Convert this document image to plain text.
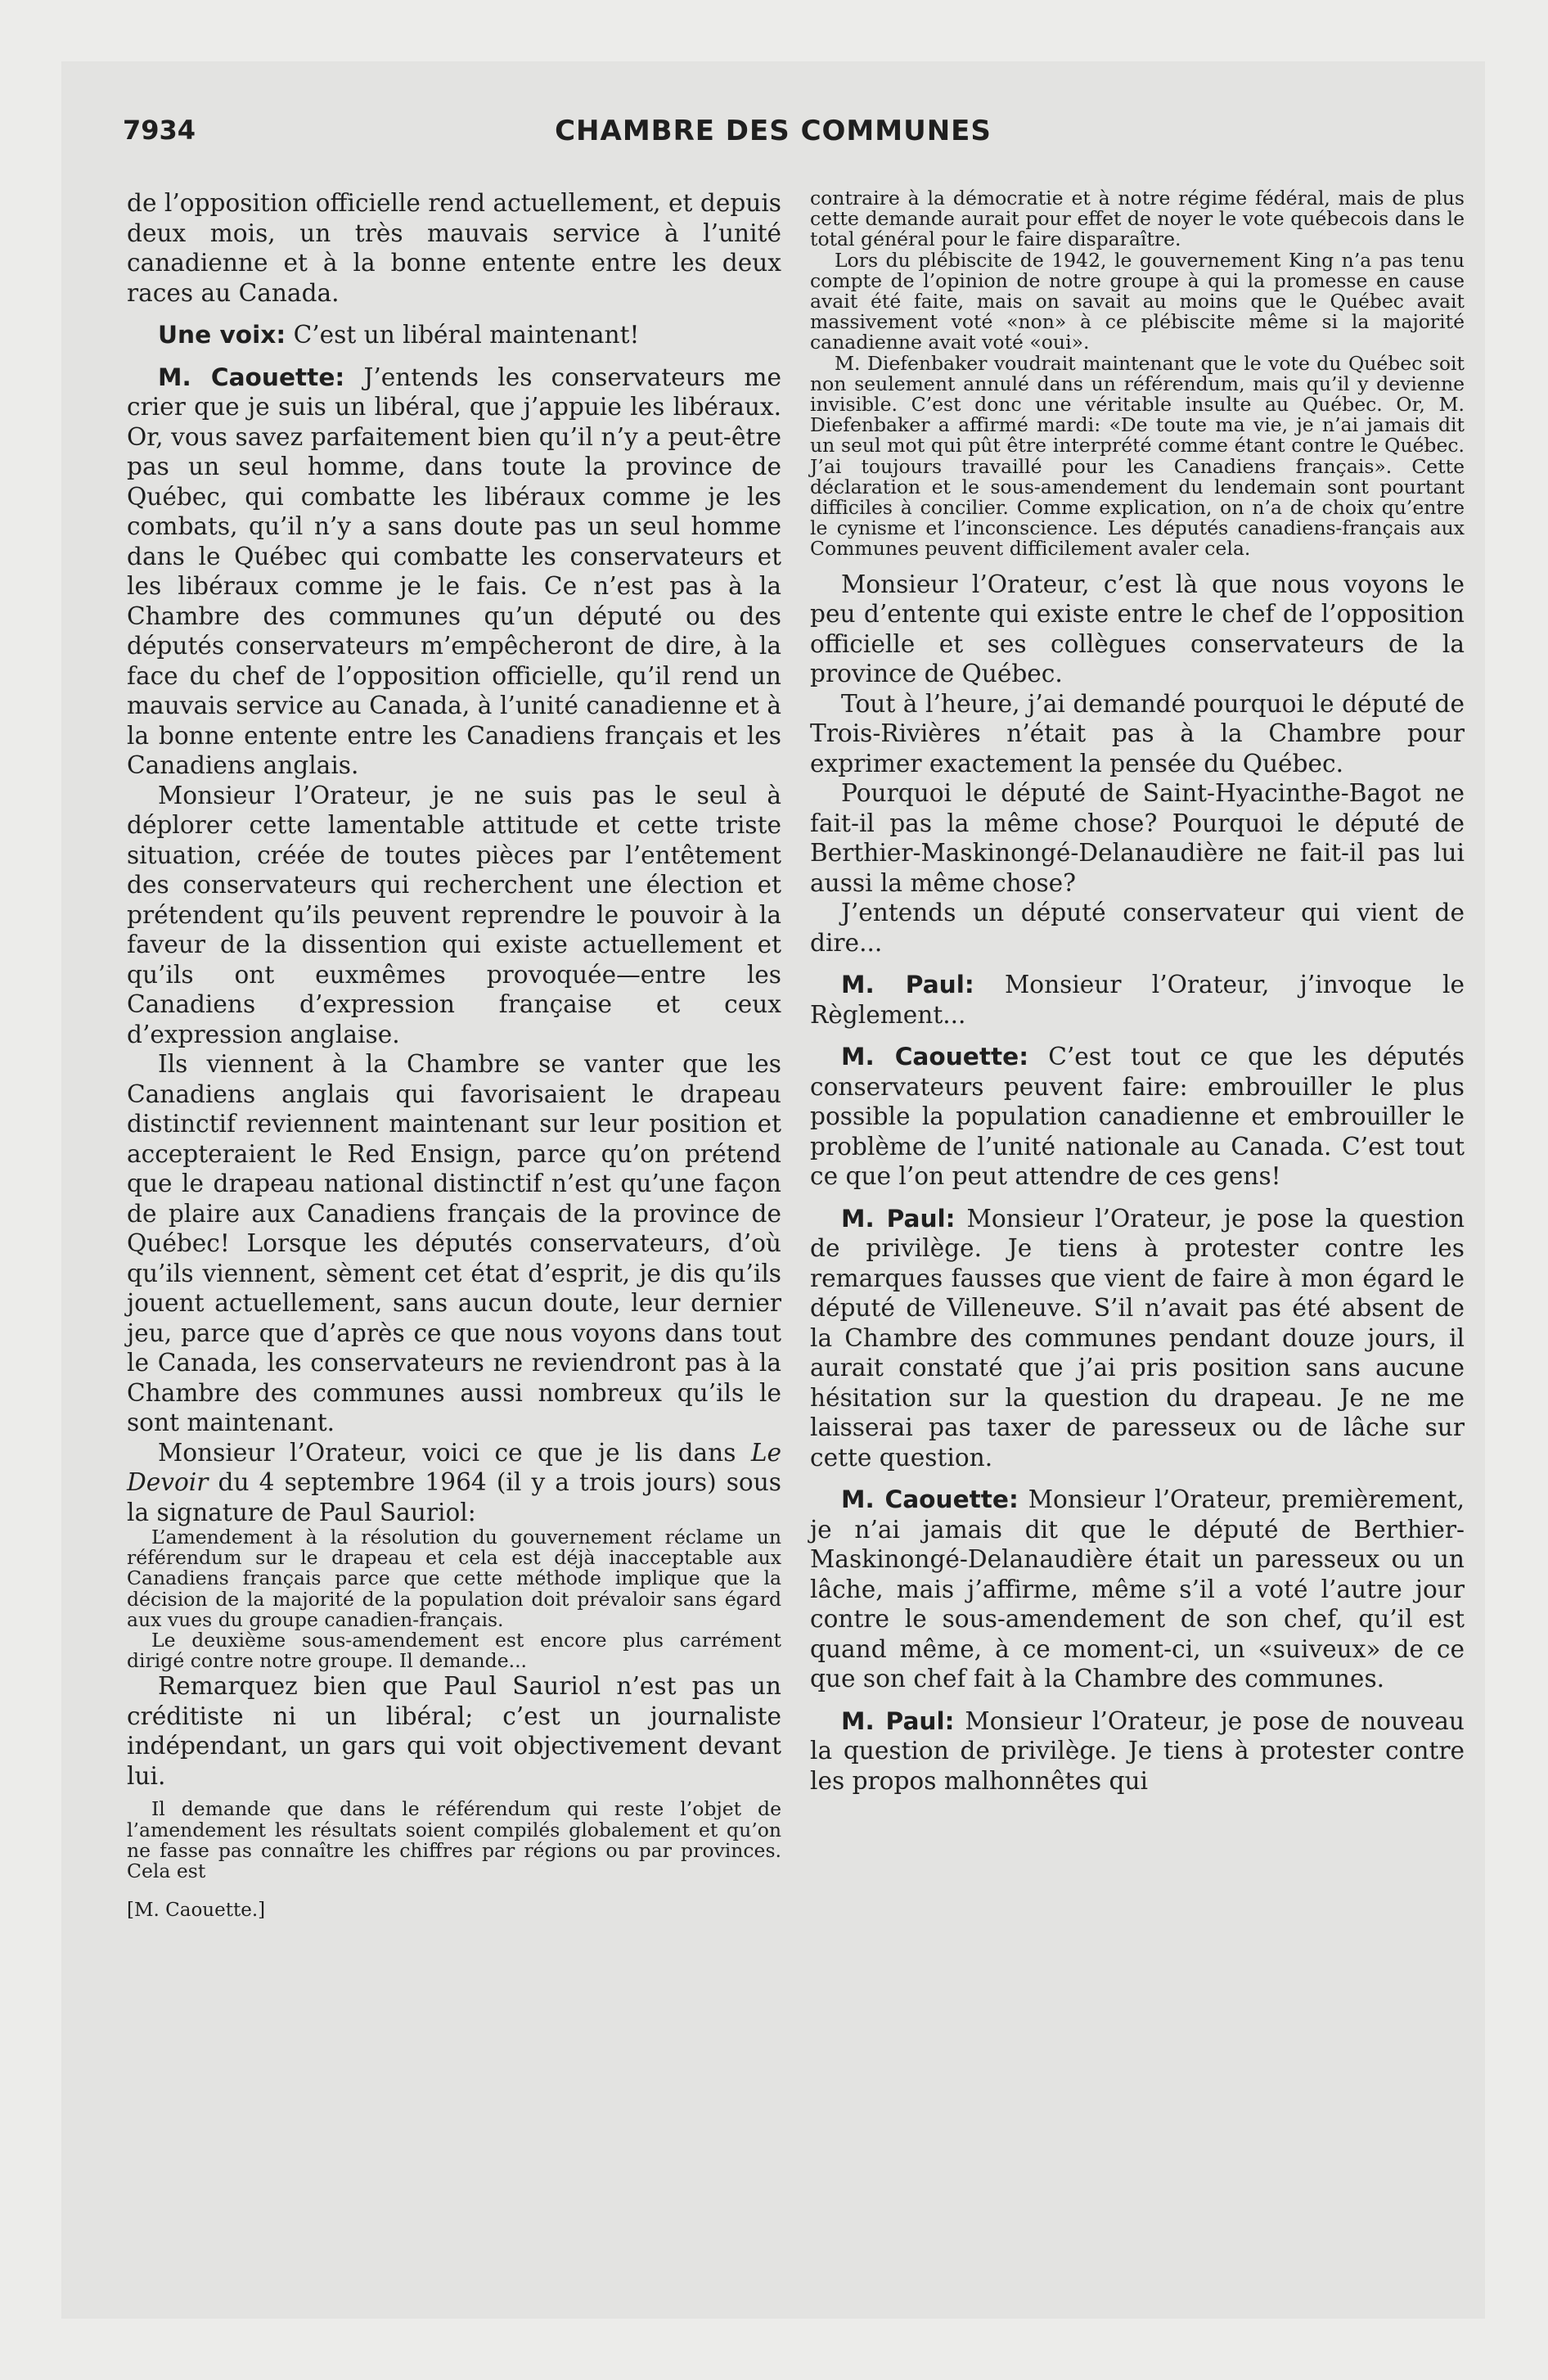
7934	CHAMBRE DES COMMUNES

de l’opposition officielle rend actuellement, et depuis deux mois, un très mauvais service à l’unité canadienne et à la bonne entente entre les deux races au Canada.

Une voix: C’est un libéral maintenant!

M. Caouette: J’entends les conservateurs me crier que je suis un libéral, que j’appuie les libéraux. Or, vous savez parfaitement bien qu’il n’y a peut-être pas un seul homme, dans toute la province de Québec, qui combatte les libéraux comme je les combats, qu’il n’y a sans doute pas un seul homme dans le Québec qui combatte les conservateurs et les libéraux comme je le fais. Ce n’est pas à la Chambre des communes qu’un député ou des députés conservateurs m’empêcheront de dire, à la face du chef de l’opposition officielle, qu’il rend un mauvais service au Canada, à l’unité canadienne et à la bonne entente entre les Canadiens français et les Canadiens anglais.

Monsieur l’Orateur, je ne suis pas le seul à déplorer cette lamentable attitude et cette triste situation, créée de toutes pièces par l’entêtement des conservateurs qui recherchent une élection et prétendent qu’ils peuvent reprendre le pouvoir à la faveur de la dissention qui existe actuellement et qu’ils ont euxmêmes provoquée—entre les Canadiens d’expression française et ceux d’expression anglaise.

Ils viennent à la Chambre se vanter que les Canadiens anglais qui favorisaient le drapeau distinctif reviennent maintenant sur leur position et accepteraient le Red Ensign, parce qu’on prétend que le drapeau national distinctif n’est qu’une façon de plaire aux Canadiens français de la province de Québec! Lorsque les députés conservateurs, d’où qu’ils viennent, sèment cet état d’esprit, je dis qu’ils jouent actuellement, sans aucun doute, leur dernier jeu, parce que d’après ce que nous voyons dans tout le Canada, les conservateurs ne reviendront pas à la Chambre des communes aussi nombreux qu’ils le sont maintenant.

Monsieur l’Orateur, voici ce que je lis dans Le Devoir du 4 septembre 1964 (il y a trois jours) sous la signature de Paul Sauriol:

L’amendement à la résolution du gouvernement réclame un référendum sur le drapeau et cela est déjà inacceptable aux Canadiens français parce que cette méthode implique que la décision de la majorité de la population doit prévaloir sans égard aux vues du groupe canadien-français.

Le deuxième sous-amendement est encore plus carrément dirigé contre notre groupe. Il demande...

Remarquez bien que Paul Sauriol n’est pas un créditiste ni un libéral; c’est un journaliste indépendant, un gars qui voit objectivement devant lui.

Il demande que dans le référendum qui reste l’objet de l’amendement les résultats soient compilés globalement et qu’on ne fasse pas connaître les chiffres par régions ou par provinces. Cela est

[M. Caouette.]

contraire à la démocratie et à notre régime fédéral, mais de plus cette demande aurait pour effet de noyer le vote québecois dans le total général pour le faire disparaître.

Lors du plébiscite de 1942, le gouvernement King n’a pas tenu compte de l’opinion de notre groupe à qui la promesse en cause avait été faite, mais on savait au moins que le Québec avait massivement voté «non» à ce plébiscite même si la majorité canadienne avait voté «oui».

M. Diefenbaker voudrait maintenant que le vote du Québec soit non seulement annulé dans un référendum, mais qu’il y devienne invisible. C’est donc une véritable insulte au Québec. Or, M. Diefenbaker a affirmé mardi: «De toute ma vie, je n’ai jamais dit un seul mot qui pût être interprété comme étant contre le Québec. J’ai toujours travaillé pour les Canadiens français». Cette déclaration et le sous-amendement du lendemain sont pourtant difficiles à concilier. Comme explication, on n’a de choix qu’entre le cynisme et l’inconscience. Les députés canadiens-français aux Communes peuvent difficilement avaler cela.

Monsieur l’Orateur, c’est là que nous voyons le peu d’entente qui existe entre le chef de l’opposition officielle et ses collègues conservateurs de la province de Québec.

Tout à l’heure, j’ai demandé pourquoi le député de Trois-Rivières n’était pas à la Chambre pour exprimer exactement la pensée du Québec.

Pourquoi le député de Saint-Hyacinthe-Bagot ne fait-il pas la même chose? Pourquoi le député de Berthier-Maskinongé-Delanaudière ne fait-il pas lui aussi la même chose?

J’entends un député conservateur qui vient de dire...

M. Paul: Monsieur l’Orateur, j’invoque le Règlement...

M. Caouette: C’est tout ce que les députés conservateurs peuvent faire: embrouiller le plus possible la population canadienne et embrouiller le problème de l’unité nationale au Canada. C’est tout ce que l’on peut attendre de ces gens!

M. Paul: Monsieur l’Orateur, je pose la question de privilège. Je tiens à protester contre les remarques fausses que vient de faire à mon égard le député de Villeneuve. S’il n’avait pas été absent de la Chambre des communes pendant douze jours, il aurait constaté que j’ai pris position sans aucune hésitation sur la question du drapeau. Je ne me laisserai pas taxer de paresseux ou de lâche sur cette question.

M. Caouette: Monsieur l’Orateur, premièrement, je n’ai jamais dit que le député de Berthier-Maskinongé-Delanaudière était un paresseux ou un lâche, mais j’affirme, même s’il a voté l’autre jour contre le sous-amendement de son chef, qu’il est quand même, à ce moment-ci, un «suiveux» de ce que son chef fait à la Chambre des communes.

M. Paul: Monsieur l’Orateur, je pose de nouveau la question de privilège. Je tiens à protester contre les propos malhonnêtes qui
